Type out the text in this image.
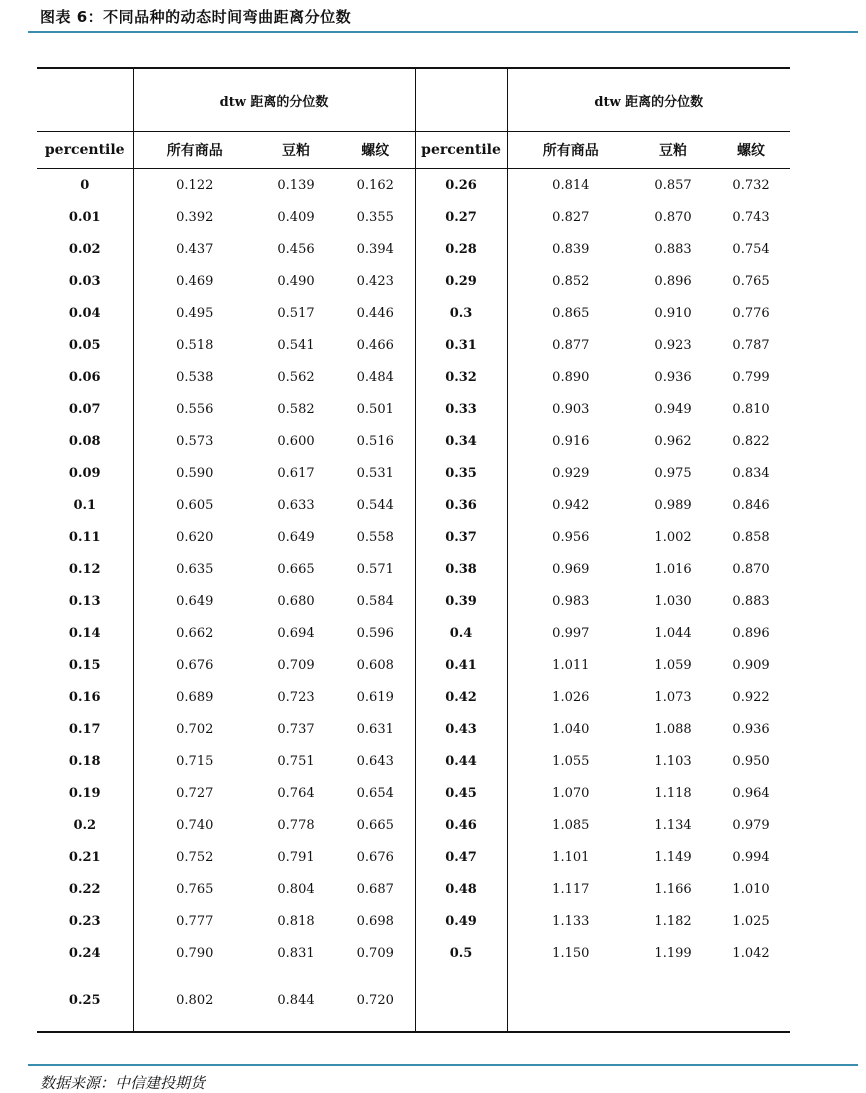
图表 6：不同品种的动态时间弯曲距离分位数
	dtw 距离的分位数				dtw 距离的分位数		
percentile	所有商品	豆粕	螺纹	percentile	所有商品	豆粕	螺纹
0	0.122	0.139	0.162	0.26	0.814	0.857	0.732
0.01	0.392	0.409	0.355	0.27	0.827	0.870	0.743
0.02	0.437	0.456	0.394	0.28	0.839	0.883	0.754
0.03	0.469	0.490	0.423	0.29	0.852	0.896	0.765
0.04	0.495	0.517	0.446	0.3	0.865	0.910	0.776
0.05	0.518	0.541	0.466	0.31	0.877	0.923	0.787
0.06	0.538	0.562	0.484	0.32	0.890	0.936	0.799
0.07	0.556	0.582	0.501	0.33	0.903	0.949	0.810
0.08	0.573	0.600	0.516	0.34	0.916	0.962	0.822
0.09	0.590	0.617	0.531	0.35	0.929	0.975	0.834
0.1	0.605	0.633	0.544	0.36	0.942	0.989	0.846
0.11	0.620	0.649	0.558	0.37	0.956	1.002	0.858
0.12	0.635	0.665	0.571	0.38	0.969	1.016	0.870
0.13	0.649	0.680	0.584	0.39	0.983	1.030	0.883
0.14	0.662	0.694	0.596	0.4	0.997	1.044	0.896
0.15	0.676	0.709	0.608	0.41	1.011	1.059	0.909
0.16	0.689	0.723	0.619	0.42	1.026	1.073	0.922
0.17	0.702	0.737	0.631	0.43	1.040	1.088	0.936
0.18	0.715	0.751	0.643	0.44	1.055	1.103	0.950
0.19	0.727	0.764	0.654	0.45	1.070	1.118	0.964
0.2	0.740	0.778	0.665	0.46	1.085	1.134	0.979
0.21	0.752	0.791	0.676	0.47	1.101	1.149	0.994
0.22	0.765	0.804	0.687	0.48	1.117	1.166	1.010
0.23	0.777	0.818	0.698	0.49	1.133	1.182	1.025
0.24	0.790	0.831	0.709	0.5	1.150	1.199	1.042
0.25	0.802	0.844	0.720				
数据来源：中信建投期货
